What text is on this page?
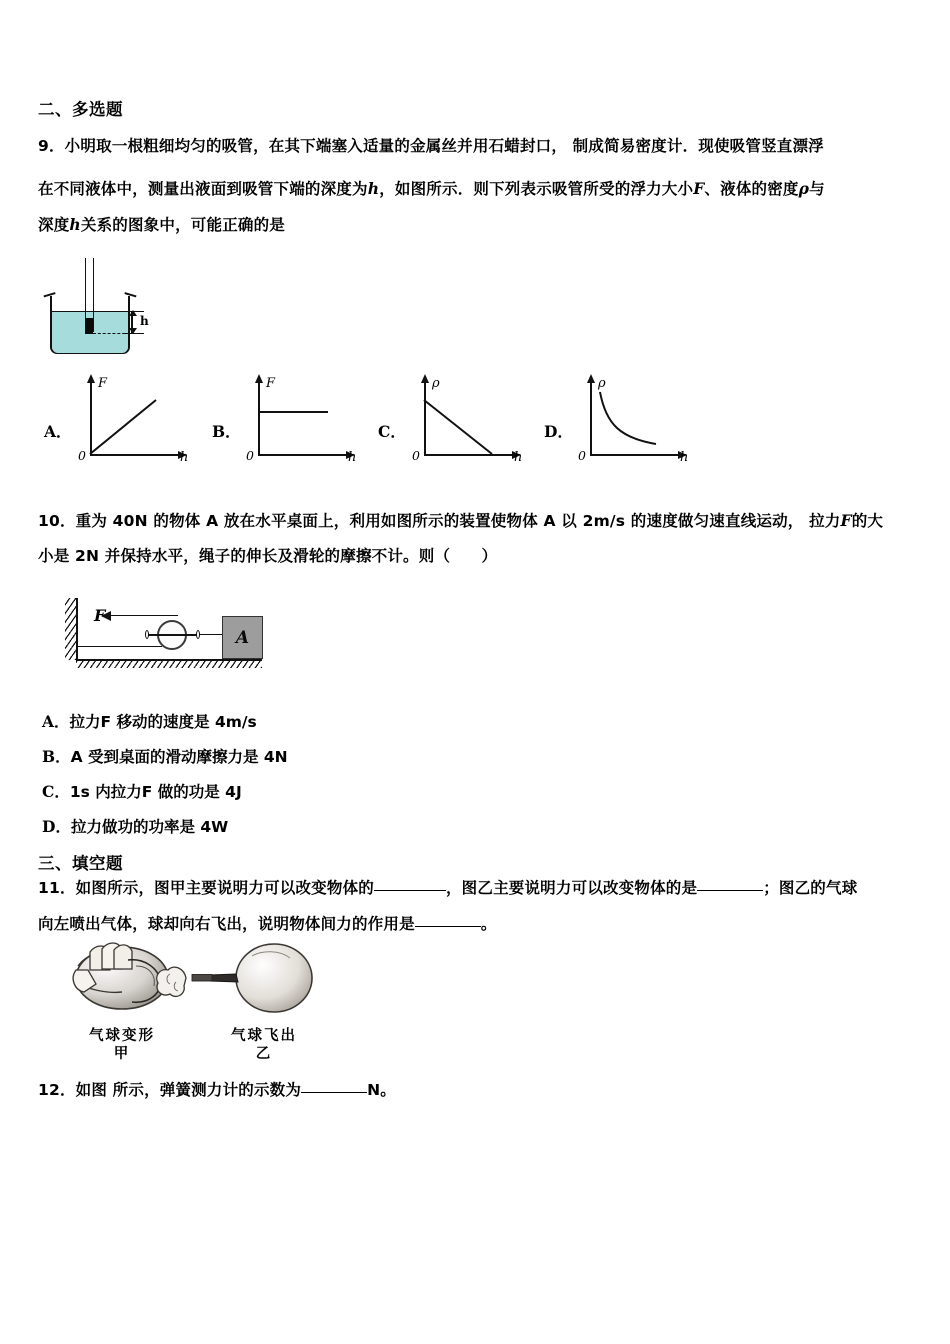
二、多选题
9．小明取一根粗细均匀的吸管，在其下端塞入适量的金属丝并用石蜡封口， 制成简易密度计．现使吸管竖直漂浮
在不同液体中，测量出液面到吸管下端的深度为h，如图所示．则下列表示吸管所受的浮力大小F、液体的密度ρ与
深度h关系的图象中，可能正确的是
h
A．
F
h
0
B．
F
h
0
C．
ρ
h
0
D．
ρ
h
0
10．重为 40N 的物体 A 放在水平桌面上，利用如图所示的装置使物体 A 以 2m/s 的速度做匀速直线运动， 拉力F的大
小是 2N 并保持水平，绳子的伸长及滑轮的摩擦不计。则（　　）
A
F
A．拉力F 移动的速度是 4m/s
B．A 受到桌面的滑动摩擦力是 4N
C．1s 内拉力F 做的功是 4J
D．拉力做功的功率是 4W
三、填空题
11．如图所示，图甲主要说明力可以改变物体的	，图乙主要说明力可以改变物体的是	；图乙的气球
向左喷出气体，球却向右飞出，说明物体间力的作用是	。
气球变形
甲
气球飞出
乙
12．如图 所示，弹簧测力计的示数为	N。
